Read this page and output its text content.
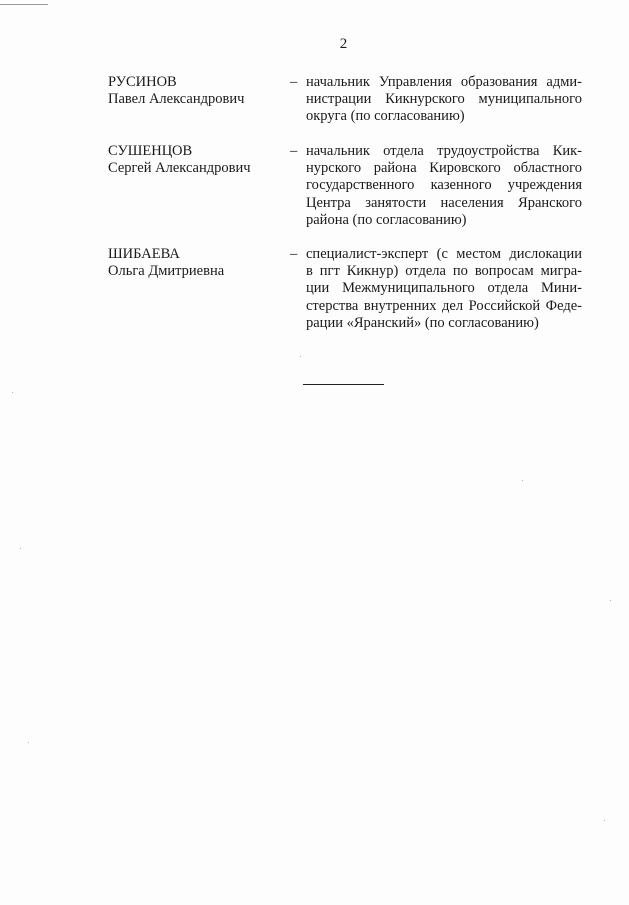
2
РУСИНОВ
Павел Александрович
– начальник Управления образования адми-
нистрации Кикнурского муниципального
округа (по согласованию)

СУШЕНЦОВ
Сергей Александрович
– начальник отдела трудоустройства Кик-
нурского района Кировского областного
государственного казенного учреждения
Центра занятости населения Яранского
района (по согласованию)

ШИБАЕВА
Ольга Дмитриевна
– специалист-эксперт (с местом дислокации
в пгт Кикнур) отдела по вопросам мигра-
ции Межмуниципального отдела Мини-
стерства внутренних дел Российской Феде-
рации «Яранский» (по согласованию)
